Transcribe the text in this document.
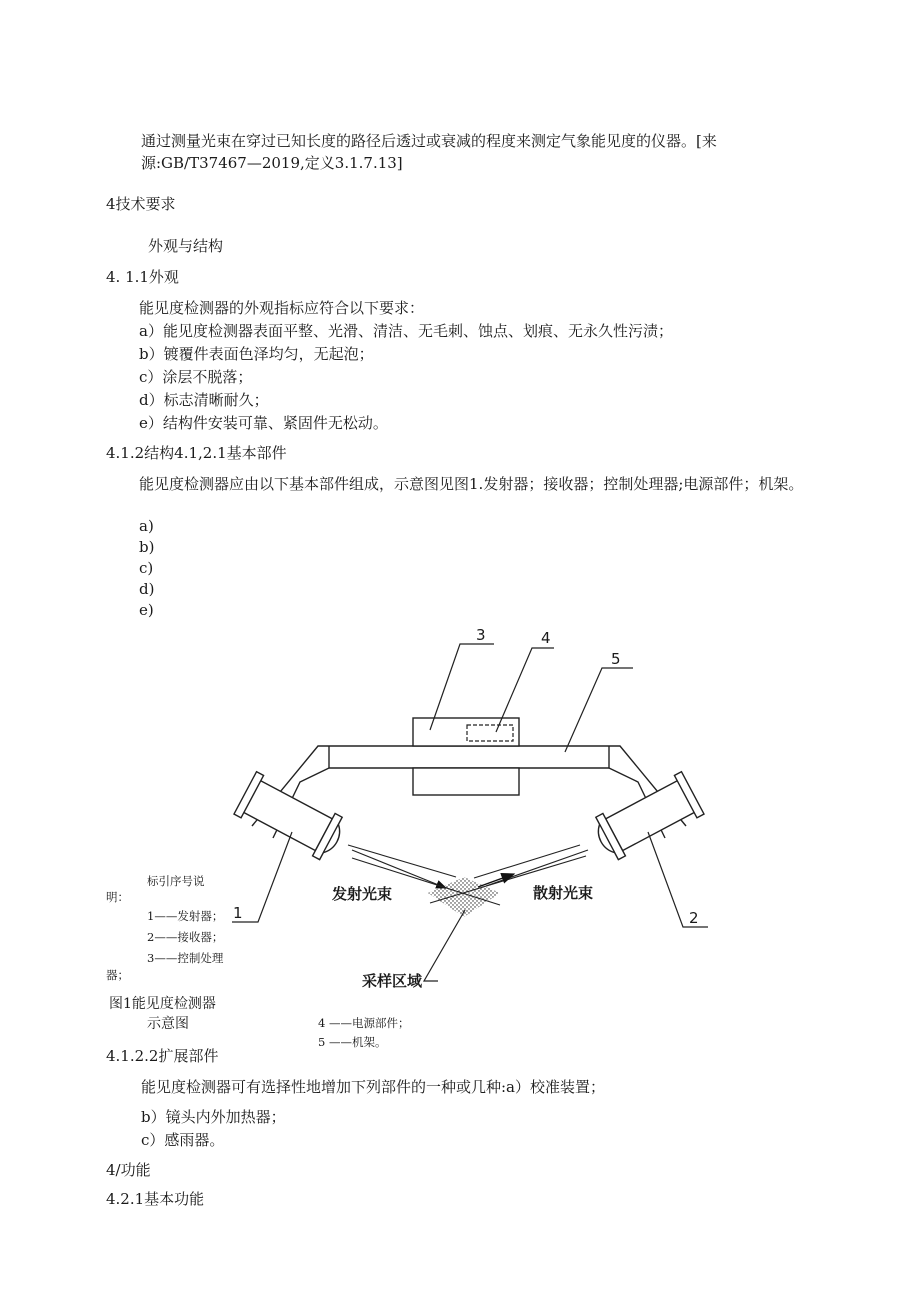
通过测量光束在穿过已知长度的路径后透过或衰减的程度来测定气象能见度的仪器。[来
源:GB/T37467—2019,定义3.1.7.13]
4技术要求
外观与结构
4. 1.1外观
能见度检测器的外观指标应符合以下要求：
a）能见度检测器表面平整、光滑、清洁、无毛刺、蚀点、划痕、无永久性污渍；
b）镀覆件表面色泽均匀，无起泡；
c）涂层不脱落；
d）标志清晰耐久；
e）结构件安装可靠、紧固件无松动。
4.1.2结构4.1,2.1基本部件
能见度检测器应由以下基本部件组成，示意图见图1.发射器；接收器；控制处理器;电源部件；机架。
a)
b)
c)
d)
e)
3	4
5
1	2
发射光束	散射光束
采样区域
标引序号说
明：
1——发射器；
2——接收器；
3——控制处理
器；
图1能见度检测器
示意图	4 ——电源部件；
5 ——机架。
4.1.2.2扩展部件
能见度检测器可有选择性地增加下列部件的一种或几种:a）校准装置；
b）镜头内外加热器；
c）感雨器。
4/功能
4.2.1基本功能
